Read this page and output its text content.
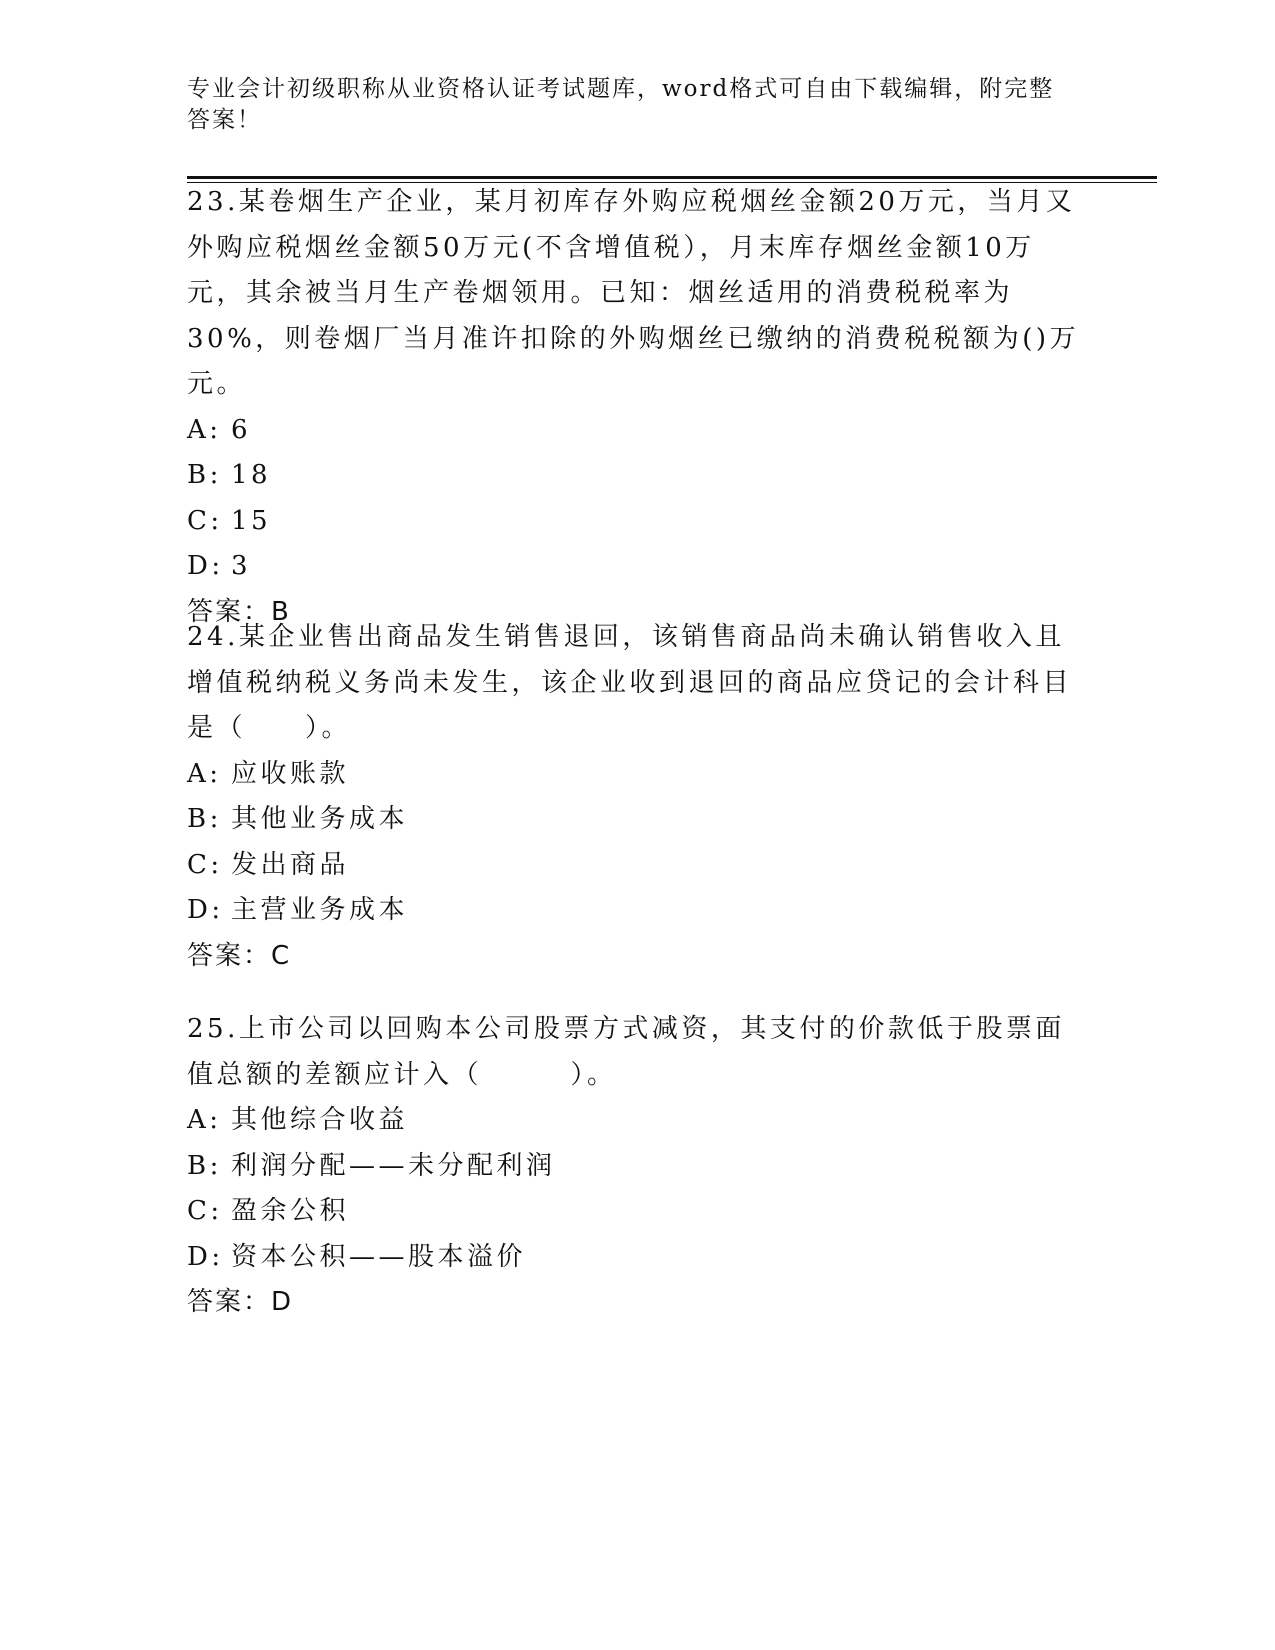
专业会计初级职称从业资格认证考试题库，word格式可自由下载编辑，附完整答案！
23.某卷烟生产企业，某月初库存外购应税烟丝金额20万元，当月又外购应税烟丝金额50万元(不含增值税），月末库存烟丝金额10万元，其余被当月生产卷烟领用。已知：烟丝适用的消费税税率为30%，则卷烟厂当月准许扣除的外购烟丝已缴纳的消费税税额为()万元。
A: 6
B: 18
C: 15
D: 3
答案：B
24.某企业售出商品发生销售退回，该销售商品尚未确认销售收入且增值税纳税义务尚未发生，该企业收到退回的商品应贷记的会计科目是（　　）。
A: 应收账款
B: 其他业务成本
C: 发出商品
D: 主营业务成本
答案：C
25.上市公司以回购本公司股票方式减资，其支付的价款低于股票面值总额的差额应计入（　　　）。
A: 其他综合收益
B: 利润分配——未分配利润
C: 盈余公积
D: 资本公积——股本溢价
答案：D
